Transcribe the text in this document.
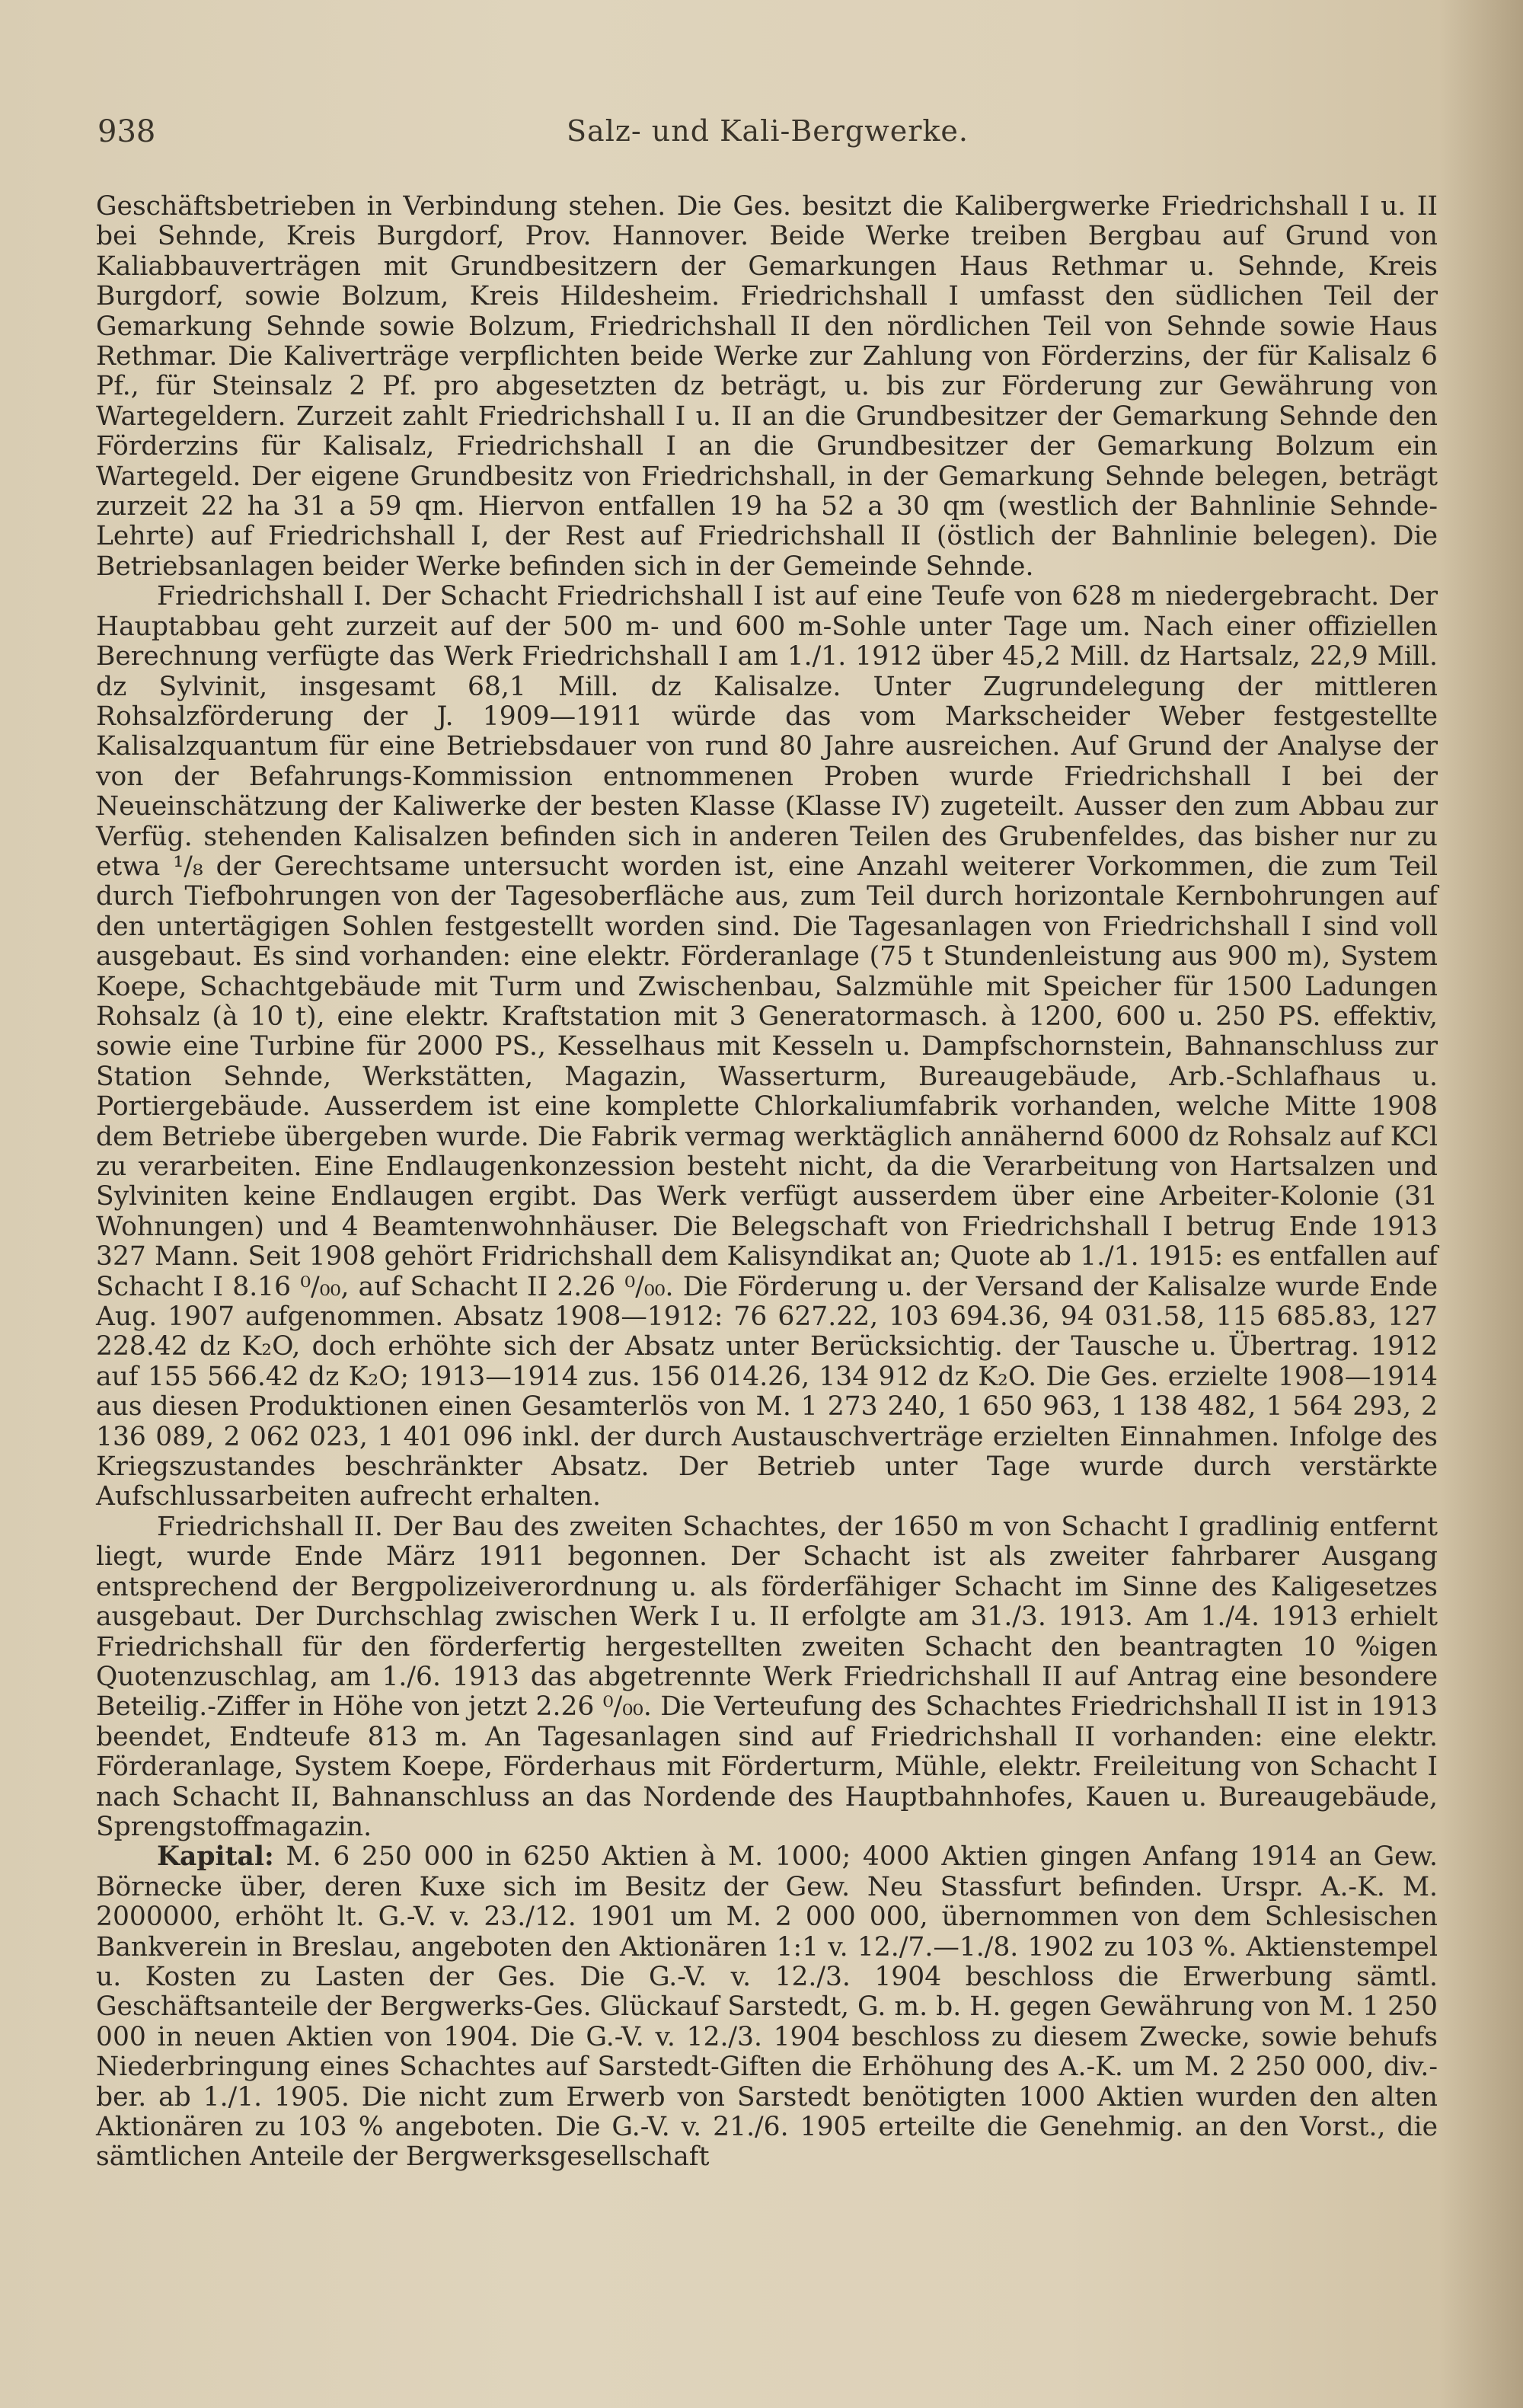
938	Salz- und Kali-Bergwerke.

Geschäftsbetrieben in Verbindung stehen. Die Ges. besitzt die Kalibergwerke Friedrichshall I u. II bei Sehnde, Kreis Burgdorf, Prov. Hannover. Beide Werke treiben Bergbau auf Grund von Kaliabbauverträgen mit Grundbesitzern der Gemarkungen Haus Rethmar u. Sehnde, Kreis Burgdorf, sowie Bolzum, Kreis Hildesheim. Friedrichshall I umfasst den südlichen Teil der Gemarkung Sehnde sowie Bolzum, Friedrichshall II den nördlichen Teil von Sehnde sowie Haus Rethmar. Die Kaliverträge verpflichten beide Werke zur Zahlung von Förderzins, der für Kalisalz 6 Pf., für Steinsalz 2 Pf. pro abgesetzten dz beträgt, u. bis zur Förderung zur Gewährung von Wartegeldern. Zurzeit zahlt Friedrichshall I u. II an die Grundbesitzer der Gemarkung Sehnde den Förderzins für Kalisalz, Friedrichshall I an die Grundbesitzer der Gemarkung Bolzum ein Wartegeld. Der eigene Grundbesitz von Friedrichshall, in der Gemarkung Sehnde belegen, beträgt zurzeit 22 ha 31 a 59 qm. Hiervon entfallen 19 ha 52 a 30 qm (westlich der Bahnlinie Sehnde-Lehrte) auf Friedrichshall I, der Rest auf Friedrichshall II (östlich der Bahnlinie belegen). Die Betriebsanlagen beider Werke befinden sich in der Gemeinde Sehnde.

Friedrichshall I. Der Schacht Friedrichshall I ist auf eine Teufe von 628 m niedergebracht. Der Hauptabbau geht zurzeit auf der 500 m- und 600 m-Sohle unter Tage um. Nach einer offiziellen Berechnung verfügte das Werk Friedrichshall I am 1./1. 1912 über 45,2 Mill. dz Hartsalz, 22,9 Mill. dz Sylvinit, insgesamt 68,1 Mill. dz Kalisalze. Unter Zugrundelegung der mittleren Rohsalzförderung der J. 1909—1911 würde das vom Markscheider Weber festgestellte Kalisalzquantum für eine Betriebsdauer von rund 80 Jahre ausreichen. Auf Grund der Analyse der von der Befahrungs-Kommission entnommenen Proben wurde Friedrichshall I bei der Neueinschätzung der Kaliwerke der besten Klasse (Klasse IV) zugeteilt. Ausser den zum Abbau zur Verfüg. stehenden Kalisalzen befinden sich in anderen Teilen des Grubenfeldes, das bisher nur zu etwa ¹/₈ der Gerechtsame untersucht worden ist, eine Anzahl weiterer Vorkommen, die zum Teil durch Tiefbohrungen von der Tagesoberfläche aus, zum Teil durch horizontale Kernbohrungen auf den untertägigen Sohlen festgestellt worden sind. Die Tagesanlagen von Friedrichshall I sind voll ausgebaut. Es sind vorhanden: eine elektr. Förderanlage (75 t Stundenleistung aus 900 m), System Koepe, Schachtgebäude mit Turm und Zwischenbau, Salzmühle mit Speicher für 1500 Ladungen Rohsalz (à 10 t), eine elektr. Kraftstation mit 3 Generatormasch. à 1200, 600 u. 250 PS. effektiv, sowie eine Turbine für 2000 PS., Kesselhaus mit Kesseln u. Dampfschornstein, Bahnanschluss zur Station Sehnde, Werkstätten, Magazin, Wasserturm, Bureaugebäude, Arb.-Schlafhaus u. Portiergebäude. Ausserdem ist eine komplette Chlorkaliumfabrik vorhanden, welche Mitte 1908 dem Betriebe übergeben wurde. Die Fabrik vermag werktäglich annähernd 6000 dz Rohsalz auf KCl zu verarbeiten. Eine Endlaugenkonzession besteht nicht, da die Verarbeitung von Hartsalzen und Sylviniten keine Endlaugen ergibt. Das Werk verfügt ausserdem über eine Arbeiter-Kolonie (31 Wohnungen) und 4 Beamtenwohnhäuser. Die Belegschaft von Friedrichshall I betrug Ende 1913 327 Mann. Seit 1908 gehört Fridrichshall dem Kalisyndikat an; Quote ab 1./1. 1915: es entfallen auf Schacht I 8.16 ⁰/₀₀, auf Schacht II 2.26 ⁰/₀₀. Die Förderung u. der Versand der Kalisalze wurde Ende Aug. 1907 aufgenommen. Absatz 1908—1912: 76 627.22, 103 694.36, 94 031.58, 115 685.83, 127 228.42 dz K₂O, doch erhöhte sich der Absatz unter Berücksichtig. der Tausche u. Übertrag. 1912 auf 155 566.42 dz K₂O; 1913—1914 zus. 156 014.26, 134 912 dz K₂O. Die Ges. erzielte 1908—1914 aus diesen Produktionen einen Gesamterlös von M. 1 273 240, 1 650 963, 1 138 482, 1 564 293, 2 136 089, 2 062 023, 1 401 096 inkl. der durch Austauschverträge erzielten Einnahmen. Infolge des Kriegszustandes beschränkter Absatz. Der Betrieb unter Tage wurde durch verstärkte Aufschlussarbeiten aufrecht erhalten.

Friedrichshall II. Der Bau des zweiten Schachtes, der 1650 m von Schacht I gradlinig entfernt liegt, wurde Ende März 1911 begonnen. Der Schacht ist als zweiter fahrbarer Ausgang entsprechend der Bergpolizeiverordnung u. als förderfähiger Schacht im Sinne des Kaligesetzes ausgebaut. Der Durchschlag zwischen Werk I u. II erfolgte am 31./3. 1913. Am 1./4. 1913 erhielt Friedrichshall für den förderfertig hergestellten zweiten Schacht den beantragten 10 %igen Quotenzuschlag, am 1./6. 1913 das abgetrennte Werk Friedrichshall II auf Antrag eine besondere Beteilig.-Ziffer in Höhe von jetzt 2.26 ⁰/₀₀. Die Verteufung des Schachtes Friedrichshall II ist in 1913 beendet, Endteufe 813 m. An Tagesanlagen sind auf Friedrichshall II vorhanden: eine elektr. Förderanlage, System Koepe, Förderhaus mit Förderturm, Mühle, elektr. Freileitung von Schacht I nach Schacht II, Bahnanschluss an das Nordende des Hauptbahnhofes, Kauen u. Bureaugebäude, Sprengstoffmagazin.

Kapital: M. 6 250 000 in 6250 Aktien à M. 1000; 4000 Aktien gingen Anfang 1914 an Gew. Börnecke über, deren Kuxe sich im Besitz der Gew. Neu Stassfurt befinden. Urspr. A.-K. M. 2000000, erhöht lt. G.-V. v. 23./12. 1901 um M. 2 000 000, übernommen von dem Schlesischen Bankverein in Breslau, angeboten den Aktionären 1:1 v. 12./7.—1./8. 1902 zu 103 %. Aktienstempel u. Kosten zu Lasten der Ges. Die G.-V. v. 12./3. 1904 beschloss die Erwerbung sämtl. Geschäftsanteile der Bergwerks-Ges. Glückauf Sarstedt, G. m. b. H. gegen Gewährung von M. 1 250 000 in neuen Aktien von 1904. Die G.-V. v. 12./3. 1904 beschloss zu diesem Zwecke, sowie behufs Niederbringung eines Schachtes auf Sarstedt-Giften die Erhöhung des A.-K. um M. 2 250 000, div.-ber. ab 1./1. 1905. Die nicht zum Erwerb von Sarstedt benötigten 1000 Aktien wurden den alten Aktionären zu 103 % angeboten. Die G.-V. v. 21./6. 1905 erteilte die Genehmig. an den Vorst., die sämtlichen Anteile der Bergwerksgesellschaft
